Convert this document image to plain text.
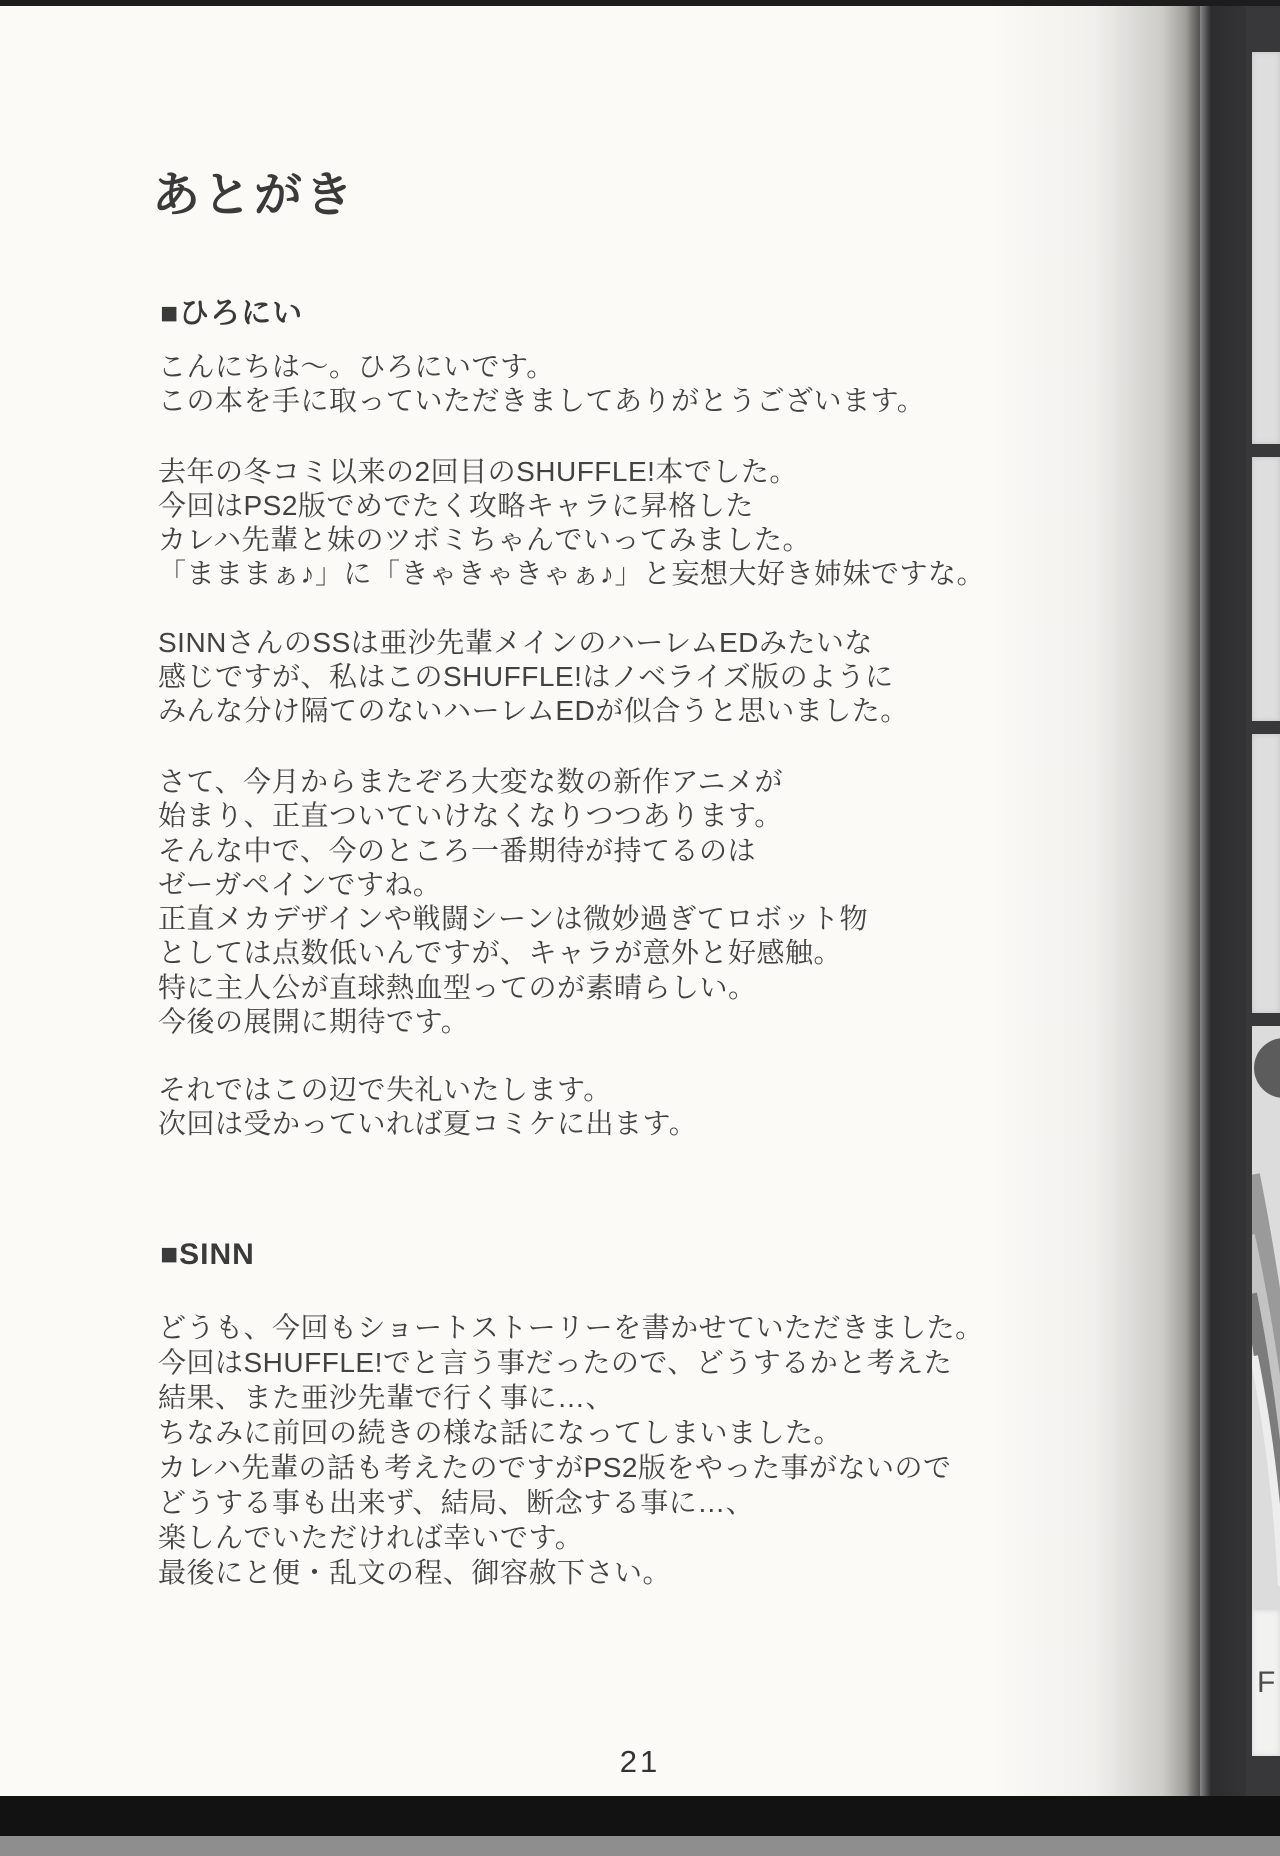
あとがき
■ひろにい
こんにちは～。ひろにいです。
この本を手に取っていただきましてありがとうございます。
去年の冬コミ以来の2回目のSHUFFLE!本でした。
今回はPS2版でめでたく攻略キャラに昇格した
カレハ先輩と妹のツボミちゃんでいってみました。
「まままぁ♪」に「きゃきゃきゃぁ♪」と妄想大好き姉妹ですな。
SINNさんのSSは亜沙先輩メインのハーレムEDみたいな
感じですが、私はこのSHUFFLE!はノベライズ版のように
みんな分け隔てのないハーレムEDが似合うと思いました。
さて、今月からまたぞろ大変な数の新作アニメが
始まり、正直ついていけなくなりつつあります。
そんな中で、今のところ一番期待が持てるのは
ゼーガペインですね。
正直メカデザインや戦闘シーンは微妙過ぎてロボット物
としては点数低いんですが、キャラが意外と好感触。
特に主人公が直球熱血型ってのが素晴らしい。
今後の展開に期待です。
それではこの辺で失礼いたします。
次回は受かっていれば夏コミケに出ます。
■SINN
どうも、今回もショートストーリーを書かせていただきました。
今回はSHUFFLE!でと言う事だったので、どうするかと考えた
結果、また亜沙先輩で行く事に…、
ちなみに前回の続きの様な話になってしまいました。
カレハ先輩の話も考えたのですがPS2版をやった事がないので
どうする事も出来ず、結局、断念する事に…、
楽しんでいただければ幸いです。
最後にと便・乱文の程、御容赦下さい。
21
F
